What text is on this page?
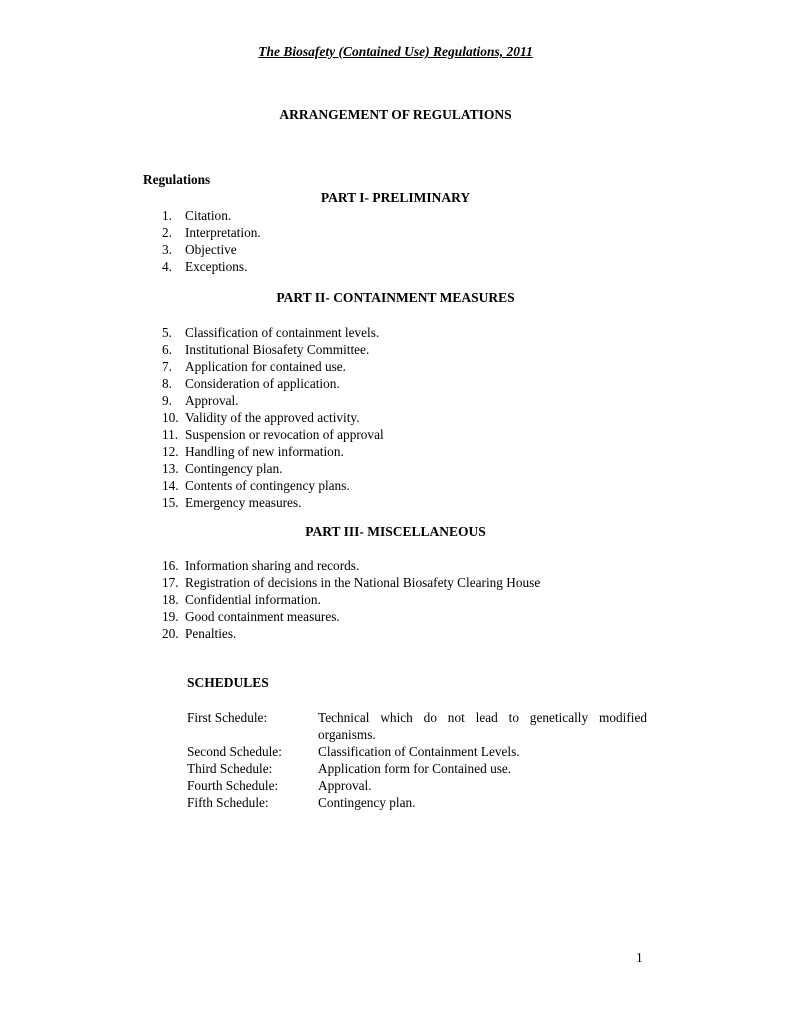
The Biosafety (Contained Use) Regulations, 2011
ARRANGEMENT OF REGULATIONS
Regulations
PART I- PRELIMINARY
1. Citation.
2. Interpretation.
3. Objective
4. Exceptions.
PART II- CONTAINMENT MEASURES
5. Classification of containment levels.
6. Institutional Biosafety Committee.
7. Application for contained use.
8. Consideration of application.
9. Approval.
10. Validity of the approved activity.
11. Suspension or revocation of approval
12. Handling of new information.
13. Contingency plan.
14. Contents of contingency plans.
15. Emergency measures.
PART III- MISCELLANEOUS
16. Information sharing and records.
17. Registration of decisions in the National Biosafety Clearing House
18. Confidential information.
19. Good containment measures.
20. Penalties.
SCHEDULES
First Schedule:	Technical which do not lead to genetically modified organisms.
Second Schedule:	Classification of Containment Levels.
Third Schedule:	Application form for Contained use.
Fourth Schedule:	Approval.
Fifth Schedule:	Contingency plan.
1
